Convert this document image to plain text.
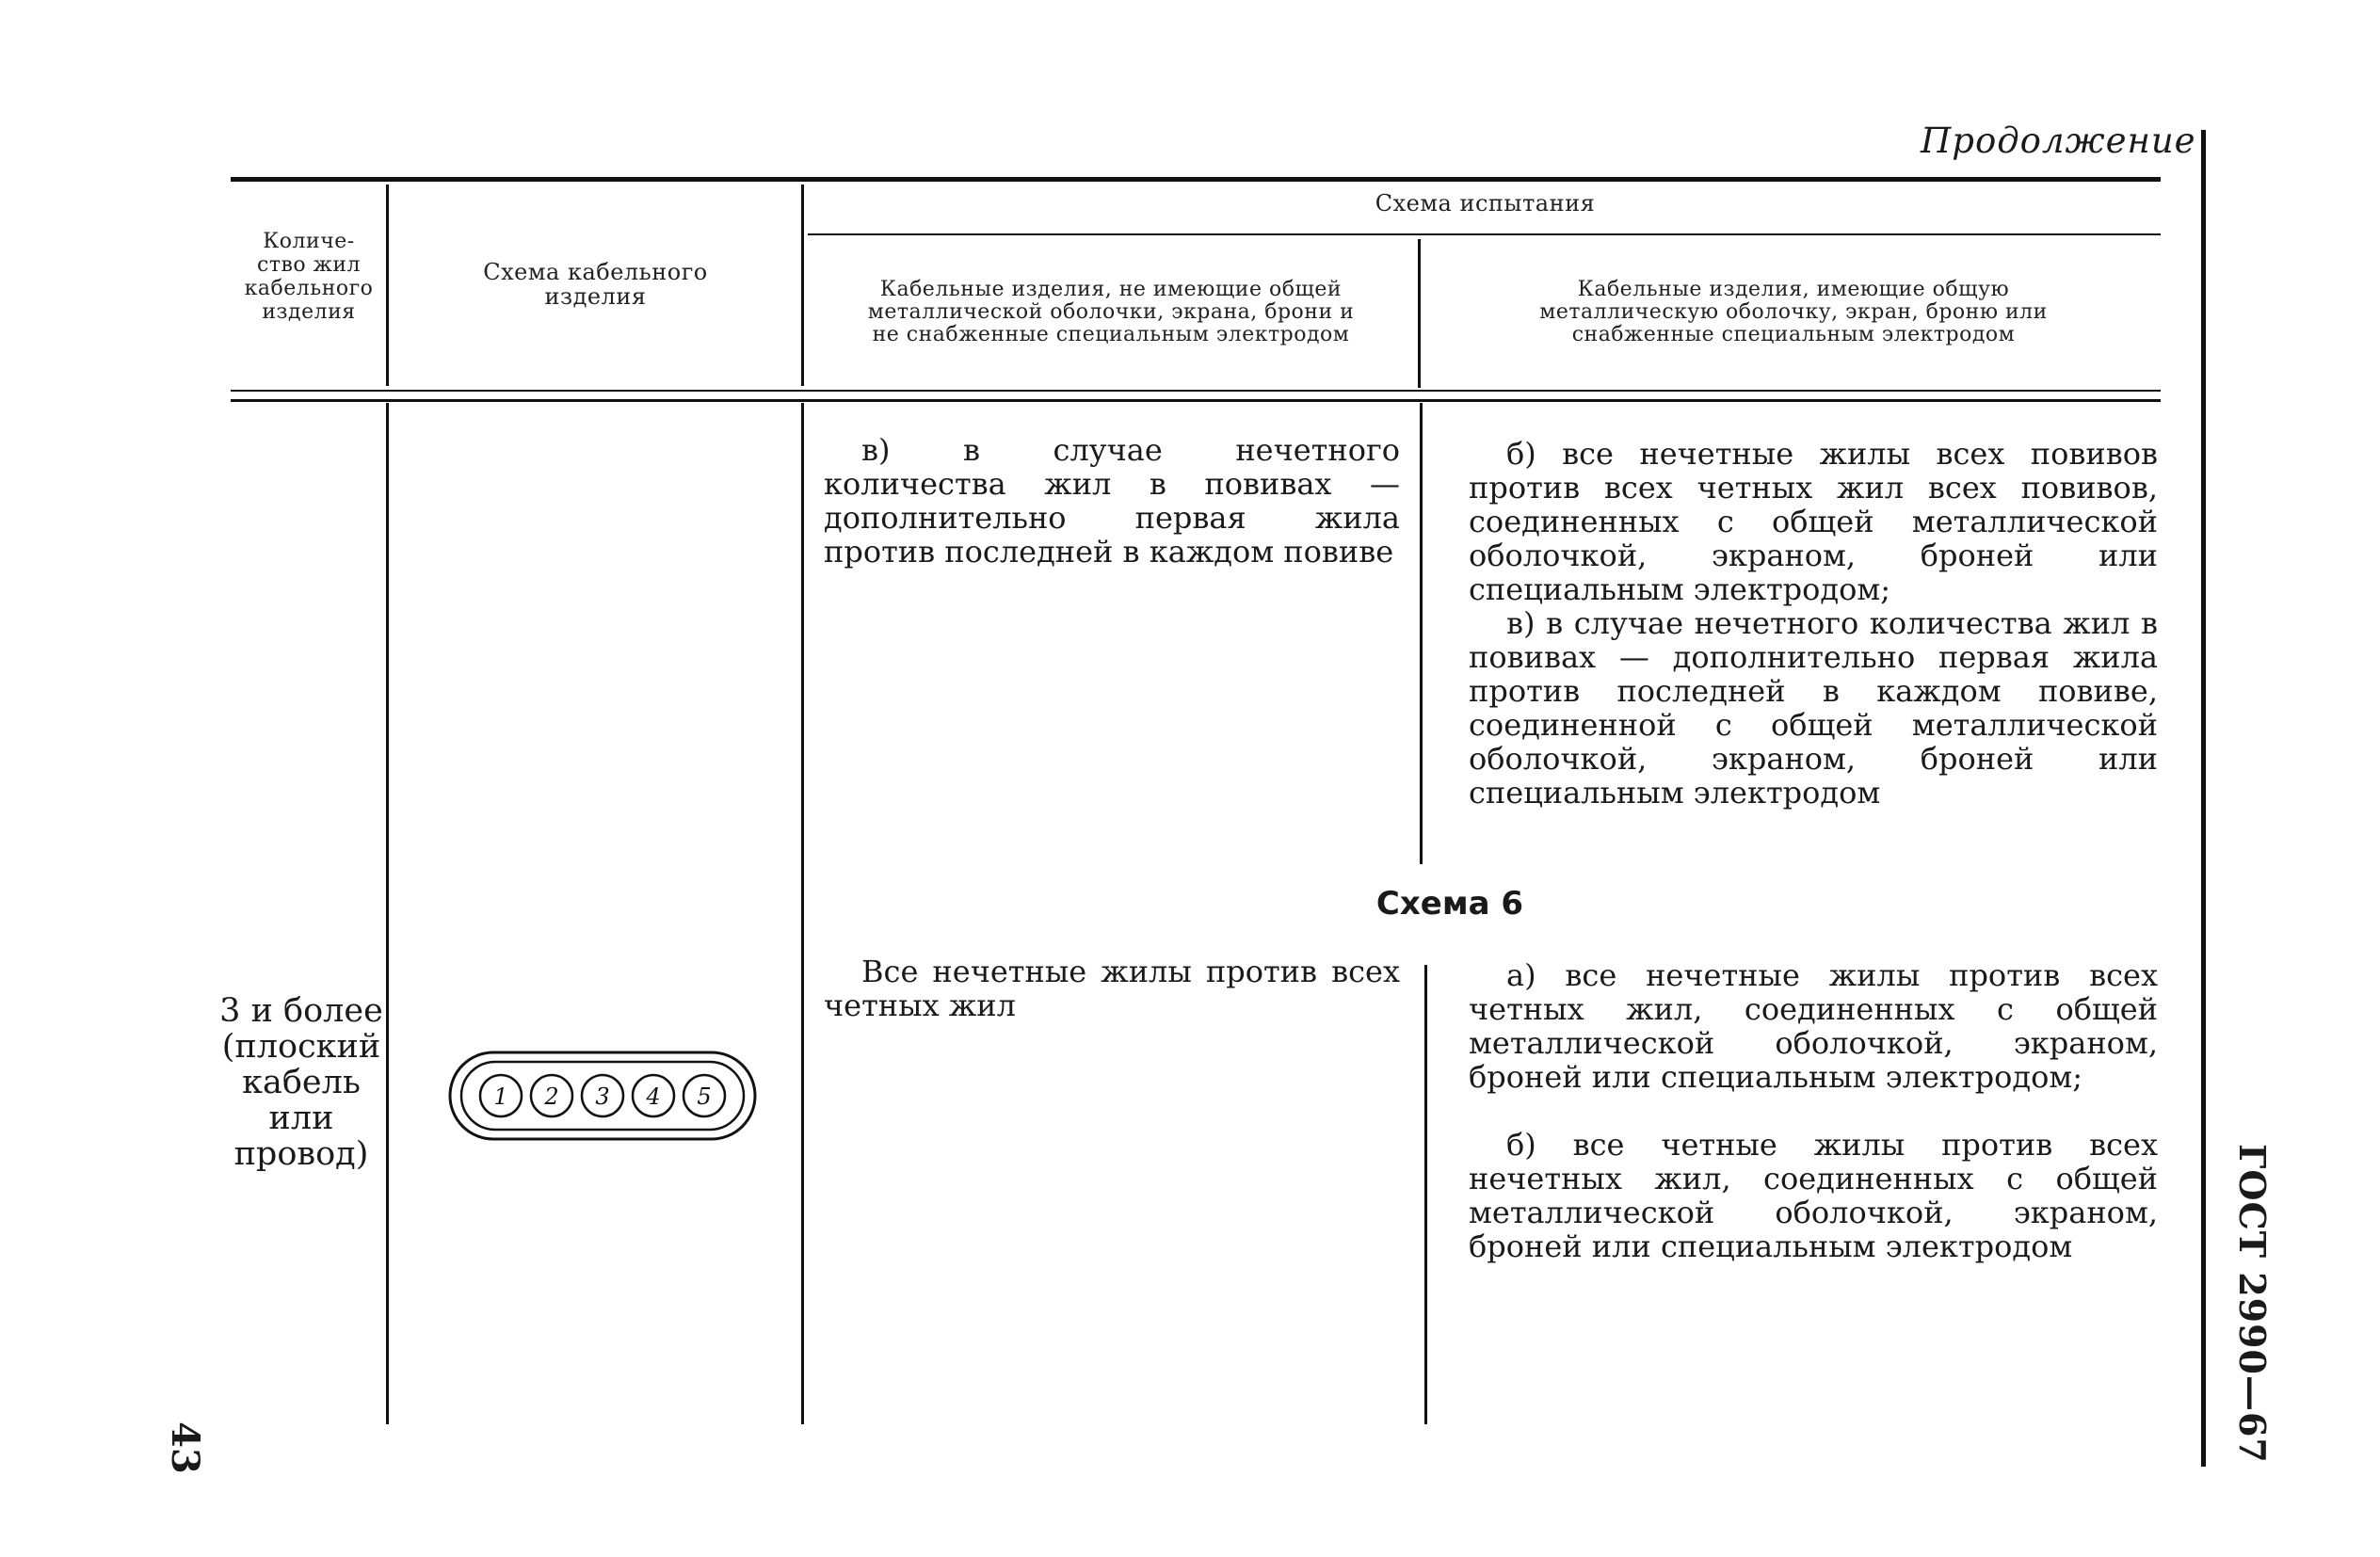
Продолжение
Количе-
ство жил
кабельного
изделия
Схема кабельного
изделия
Схема испытания
Кабельные изделия, не имеющие общей
металлической оболочки, экрана, брони и
не снабженные специальным электродом
Кабельные изделия, имеющие общую
металлическую оболочку, экран, броню или
снабженные специальным электродом

в) в случае нечетного количества жил в повивах — дополнительно первая жила против последней в каждом повиве

б) все нечетные жилы всех повивов против всех четных жил всех повивов, соединенных с общей металлической оболочкой, экраном, броней или специальным электродом;

в) в случае нечетного количества жил в повивах — дополнительно первая жила против последней в каждом повиве, соединенной с общей металлической оболочкой, экраном, броней или специальным электродом

Схема 6
3 и более
(плоский
кабель
или
провод)
1 2 3 4 5

Все нечетные жилы против всех четных жил

а) все нечетные жилы против всех четных жил, соединенных с общей металлической оболочкой, экраном, броней или специальным электродом;

б) все четные жилы против всех нечетных жил, соединенных с общей металлической оболочкой, экраном, броней или специальным электродом

43	ГОСТ 2990—67
